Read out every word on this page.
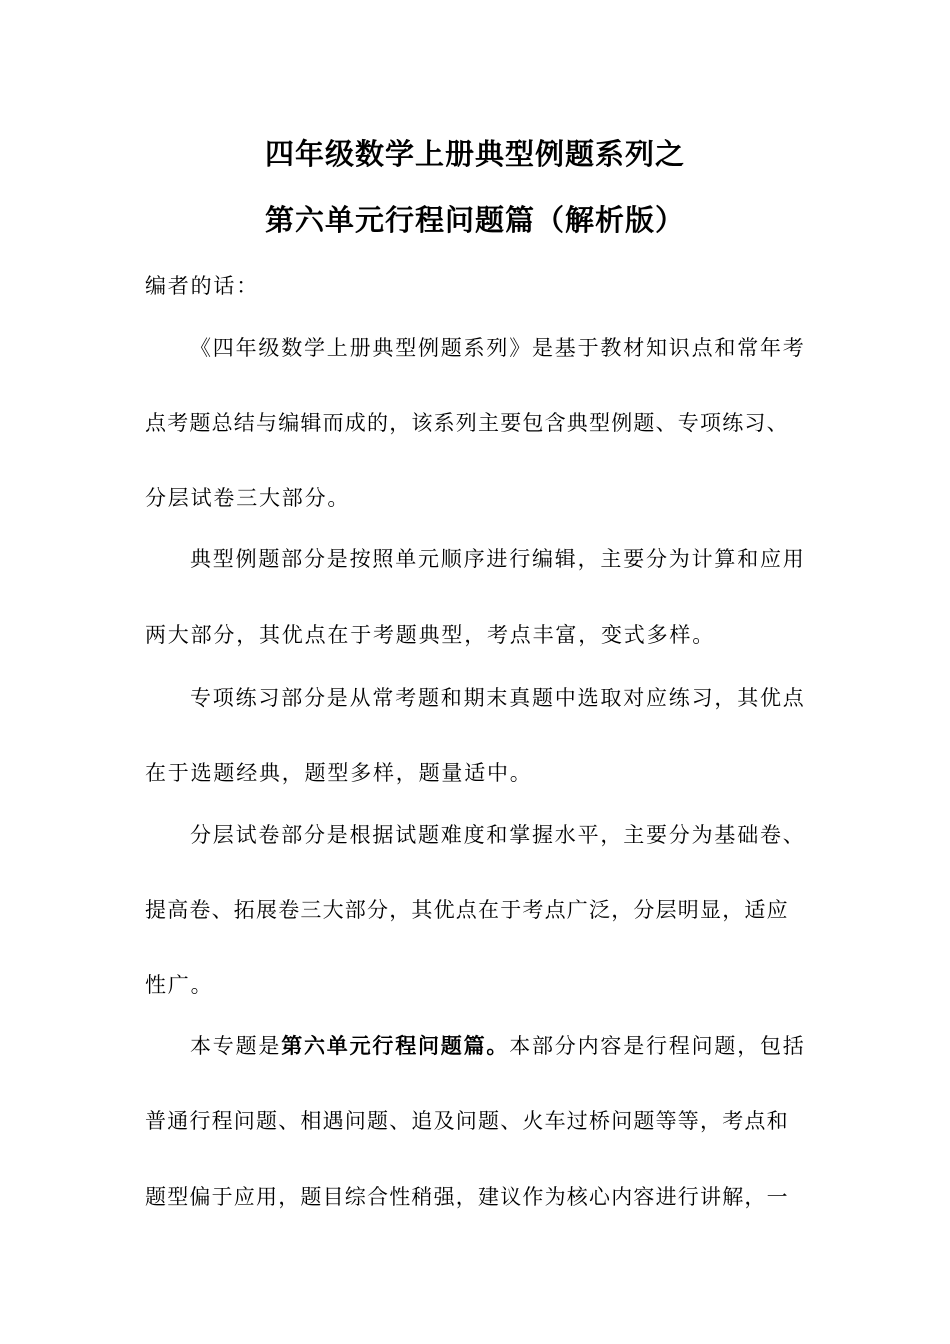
四年级数学上册典型例题系列之
第六单元行程问题篇（解析版）
编者的话：
《四年级数学上册典型例题系列》是基于教材知识点和常年考
点考题总结与编辑而成的，该系列主要包含典型例题、专项练习、
分层试卷三大部分。
典型例题部分是按照单元顺序进行编辑，主要分为计算和应用
两大部分，其优点在于考题典型，考点丰富，变式多样。
专项练习部分是从常考题和期末真题中选取对应练习，其优点
在于选题经典，题型多样，题量适中。
分层试卷部分是根据试题难度和掌握水平，主要分为基础卷、
提高卷、拓展卷三大部分，其优点在于考点广泛，分层明显，适应
性广。
本专题是第六单元行程问题篇。本部分内容是行程问题，包括
普通行程问题、相遇问题、追及问题、火车过桥问题等等，考点和
题型偏于应用，题目综合性稍强，建议作为核心内容进行讲解，一
